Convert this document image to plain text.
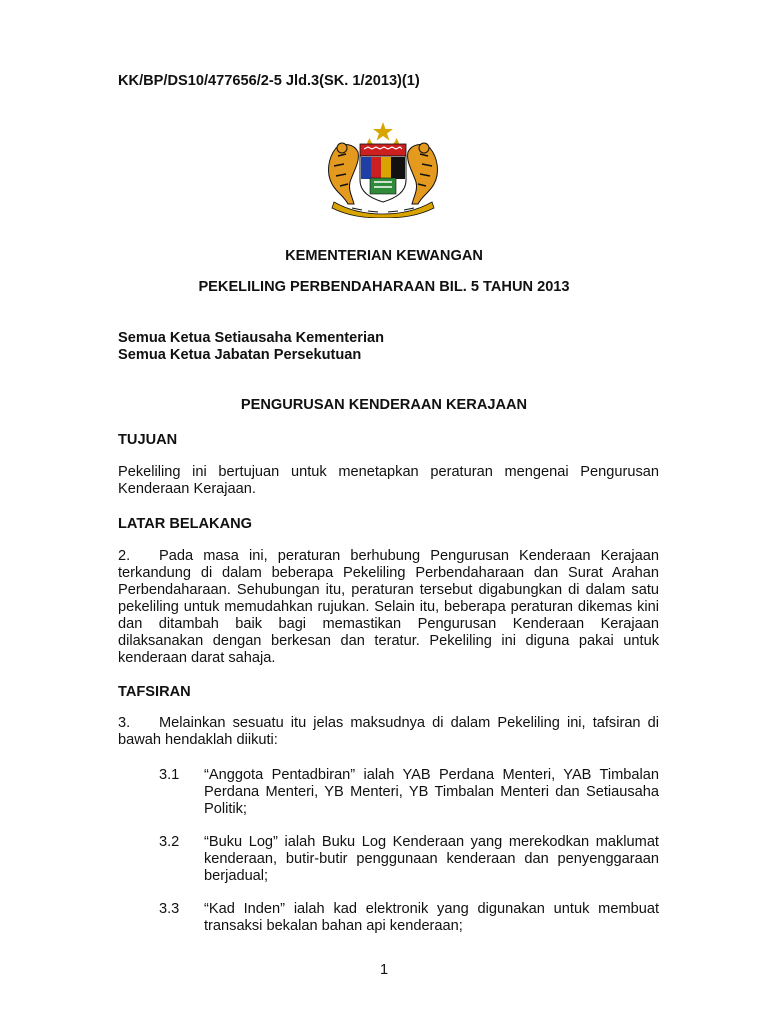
KK/BP/DS10/477656/2-5 Jld.3(SK. 1/2013)(1)
KEMENTERIAN KEWANGAN
PEKELILING PERBENDAHARAAN BIL. 5 TAHUN 2013
Semua Ketua Setiausaha Kementerian
Semua Ketua Jabatan Persekutuan
PENGURUSAN KENDERAAN KERAJAAN
TUJUAN
Pekeliling ini bertujuan untuk menetapkan peraturan mengenai Pengurusan Kenderaan Kerajaan.
LATAR BELAKANG
2. Pada masa ini, peraturan berhubung Pengurusan Kenderaan Kerajaan terkandung di dalam beberapa Pekeliling Perbendaharaan dan Surat Arahan Perbendaharaan. Sehubungan itu, peraturan tersebut digabungkan di dalam satu pekeliling untuk memudahkan rujukan. Selain itu, beberapa peraturan dikemas kini dan ditambah baik bagi memastikan Pengurusan Kenderaan Kerajaan dilaksanakan dengan berkesan dan teratur. Pekeliling ini diguna pakai untuk kenderaan darat sahaja.
TAFSIRAN
3. Melainkan sesuatu itu jelas maksudnya di dalam Pekeliling ini, tafsiran di bawah hendaklah diikuti:
3.1 “Anggota Pentadbiran” ialah YAB Perdana Menteri, YAB Timbalan Perdana Menteri, YB Menteri, YB Timbalan Menteri dan Setiausaha Politik;
3.2 “Buku Log” ialah Buku Log Kenderaan yang merekodkan maklumat kenderaan, butir-butir penggunaan kenderaan dan penyenggaraan berjadual;
3.3 “Kad Inden” ialah kad elektronik yang digunakan untuk membuat transaksi bekalan bahan api kenderaan;
1
